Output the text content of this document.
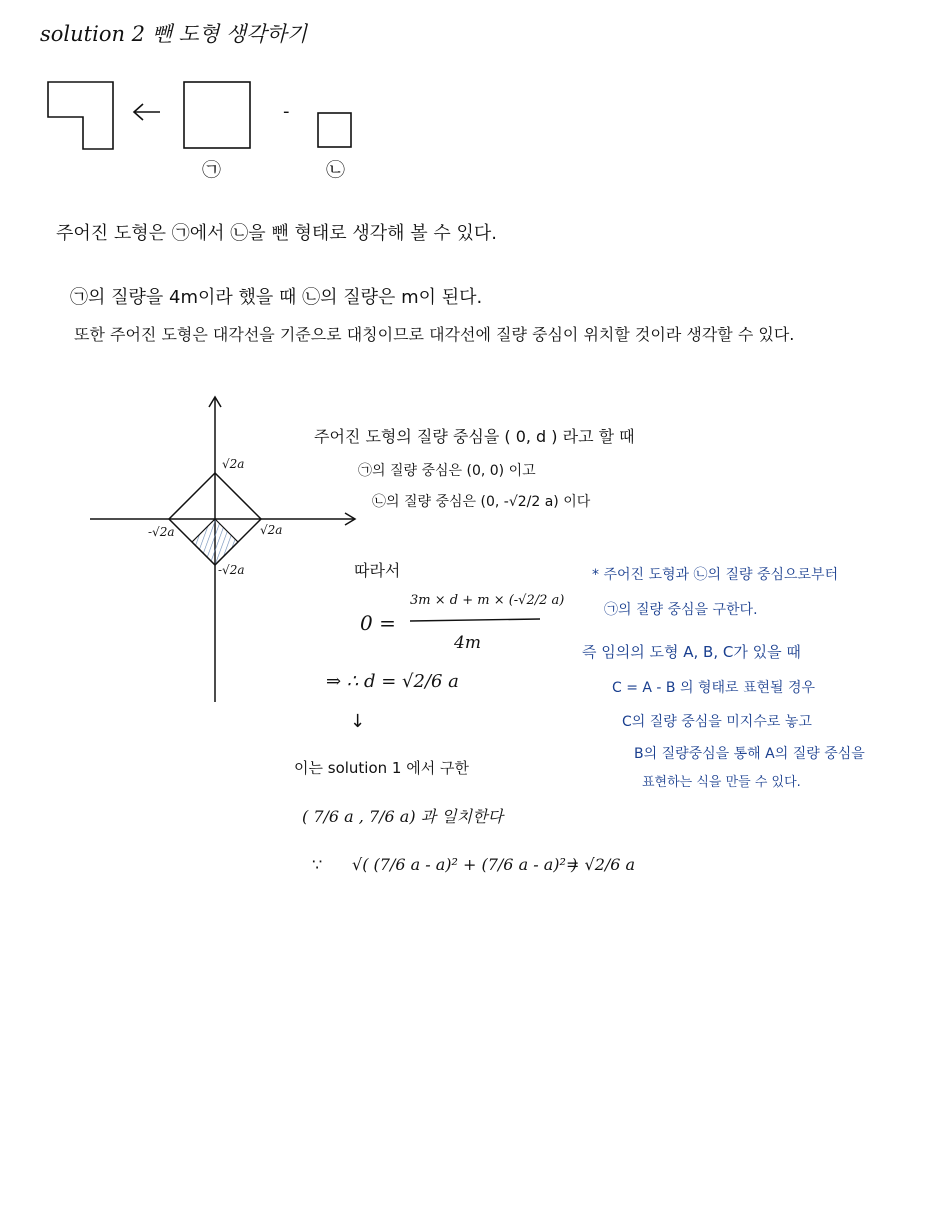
solution 2 뺀 도형 생각하기
-
㉠	㉡
주어진 도형은 ㉠에서 ㉡을 뺀 형태로 생각해 볼 수 있다.
㉠의 질량을 4m이라 했을 때 ㉡의 질량은 m이 된다.
또한 주어진 도형은 대각선을 기준으로 대칭이므로 대각선에 질량 중심이 위치할 것이라 생각할 수 있다.
√2a
-√2a	√2a
-√2a
주어진 도형의 질량 중심을 ( 0, d ) 라고 할 때
㉠의 질량 중심은 (0, 0) 이고
㉡의 질량 중심은 (0, -√2/2 a) 이다
따라서
0 =
3m × d + m × (-√2/2 a)
4m
⇒ ∴ d = √2/6 a
↓
이는 solution 1 에서 구한
( 7/6 a , 7/6 a) 과 일치한다
∵ √( (7/6 a - a)² + (7/6 a - a)² )
= √2/6 a
* 주어진 도형과 ㉡의 질량 중심으로부터
㉠의 질량 중심을 구한다.
즉 임의의 도형 A, B, C가 있을 때
C = A - B 의 형태로 표현될 경우
C의 질량 중심을 미지수로 놓고
B의 질량중심을 통해 A의 질량 중심을
표현하는 식을 만들 수 있다.
